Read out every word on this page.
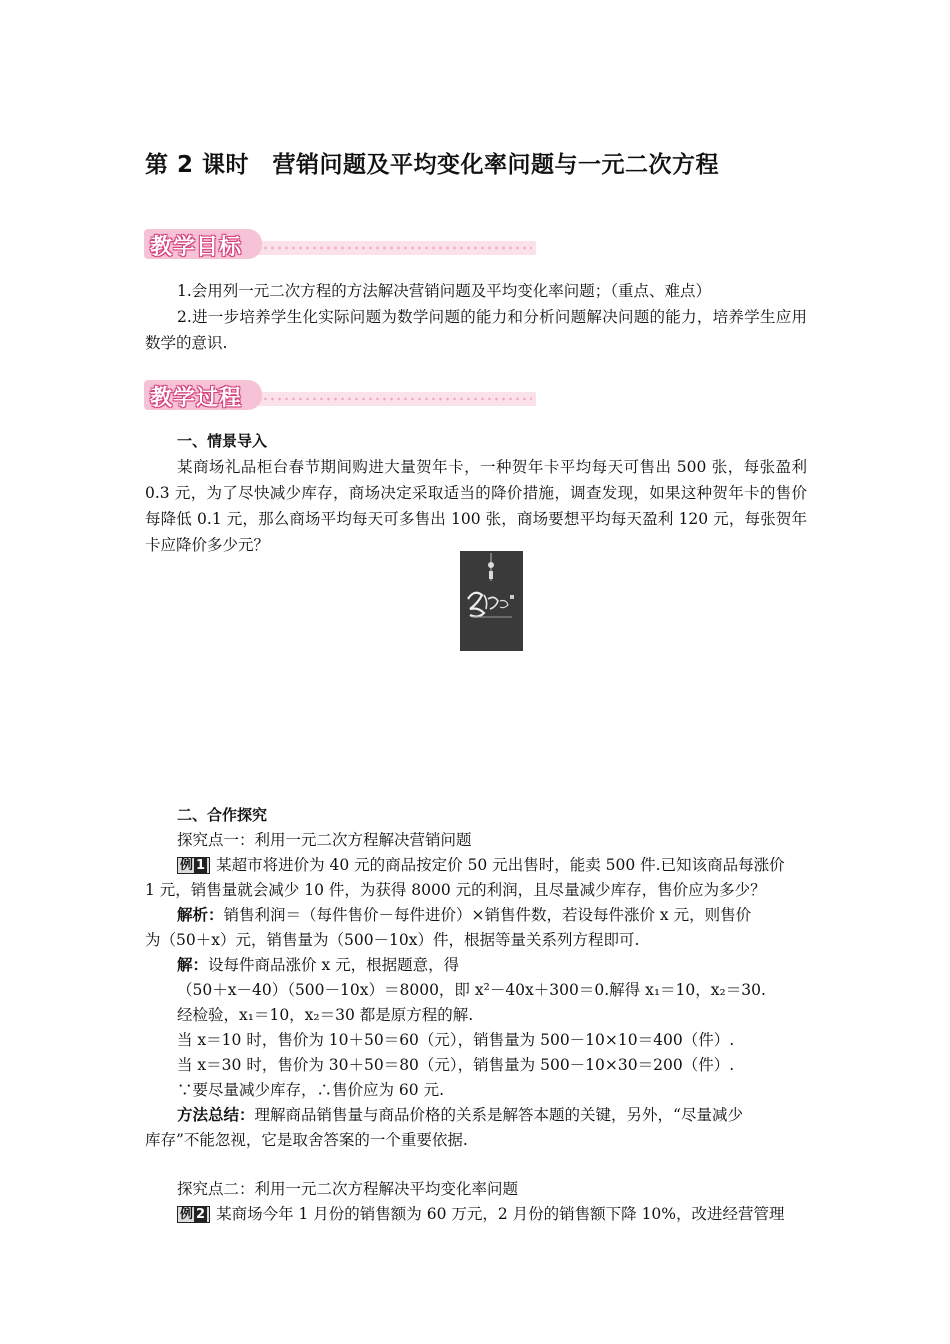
第 2 课时　营销问题及平均变化率问题与一元二次方程
教学目标
1.会用列一元二次方程的方法解决营销问题及平均变化率问题；（重点、难点）
2.进一步培养学生化实际问题为数学问题的能力和分析问题解决问题的能力，培养学生应用数学的意识.
教学过程
一、情景导入
某商场礼品柜台春节期间购进大量贺年卡，一种贺年卡平均每天可售出 500 张，每张盈利 0.3 元，为了尽快减少库存，商场决定采取适当的降价措施，调查发现，如果这种贺年卡的售价每降低 0.1 元，那么商场平均每天可多售出 100 张，商场要想平均每天盈利 120 元，每张贺年卡应降价多少元？
二、合作探究
探究点一：利用一元二次方程解决营销问题
例 1 某超市将进价为 40 元的商品按定价 50 元出售时，能卖 500 件.已知该商品每涨价
1 元，销售量就会减少 10 件，为获得 8000 元的利润，且尽量减少库存，售价应为多少？
解析：销售利润＝（每件售价－每件进价）×销售件数，若设每件涨价 x 元，则售价
为（50＋x）元，销售量为（500－10x）件，根据等量关系列方程即可.
解：设每件商品涨价 x 元，根据题意，得
（50＋x－40）（500－10x）＝8000，即 x²－40x＋300＝0.解得 x₁＝10，x₂＝30.
经检验，x₁＝10，x₂＝30 都是原方程的解.
当 x＝10 时，售价为 10＋50＝60（元），销售量为 500－10×10＝400（件）.
当 x＝30 时，售价为 30＋50＝80（元），销售量为 500－10×30＝200（件）.
∵要尽量减少库存，∴售价应为 60 元.
方法总结：理解商品销售量与商品价格的关系是解答本题的关键，另外，“尽量减少
库存”不能忽视，它是取舍答案的一个重要依据.
探究点二：利用一元二次方程解决平均变化率问题
例 2 某商场今年 1 月份的销售额为 60 万元，2 月份的销售额下降 10%，改进经营管理
